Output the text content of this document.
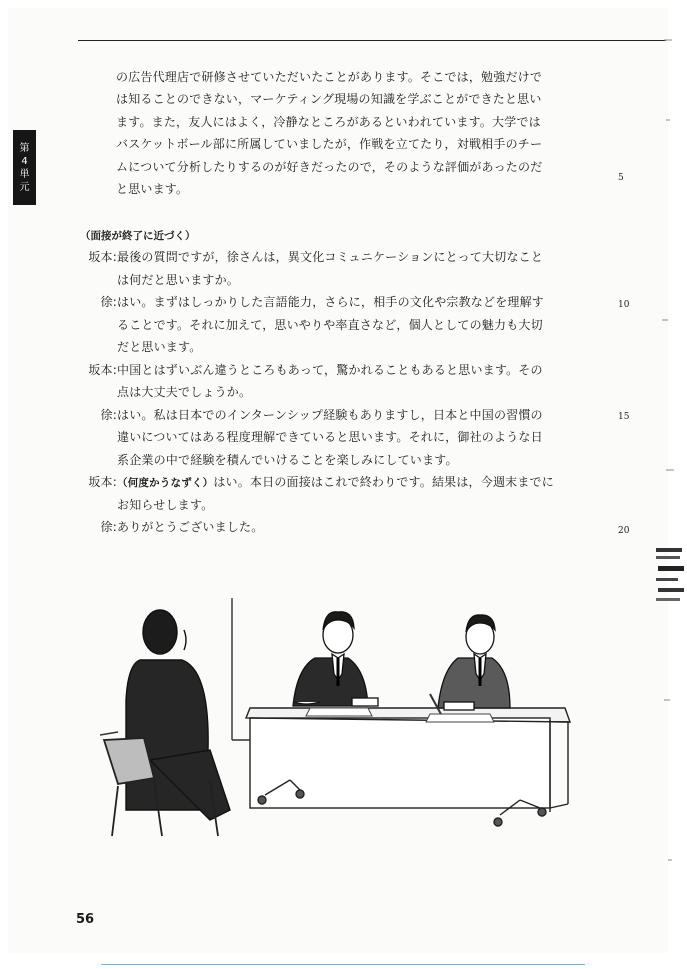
第
4
単
元
の広告代理店で研修させていただいたことがあります。そこでは，勉強だけで
は知ることのできない，マーケティング現場の知識を学ぶことができたと思い
ます。また，友人にはよく，冷静なところがあるといわれています。大学では
バスケットボール部に所属していましたが，作戦を立てたり，対戦相手のチー
ムについて分析したりするのが好きだったので，そのような評価があったのだ
と思います。
5
（面接が終了に近づく）
坂本: 最後の質問ですが，徐さんは，異文化コミュニケーションにとって大切なこと
は何だと思いますか。
徐: はい。まずはしっかりした言語能力，さらに，相手の文化や宗教などを理解す
ることです。それに加えて，思いやりや率直さなど，個人としての魅力も大切
だと思います。
坂本: 中国とはずいぶん違うところもあって，驚かれることもあると思います。その
点は大丈夫でしょうか。
徐: はい。私は日本でのインターンシップ経験もありますし，日本と中国の習慣の
違いについてはある程度理解できていると思います。それに，御社のような日
系企業の中で経験を積んでいけることを楽しみにしています。
坂本: （何度かうなずく）はい。本日の面接はこれで終わりです。結果は，今週末までに
お知らせします。
徐: ありがとうございました。
10
15
20
56
